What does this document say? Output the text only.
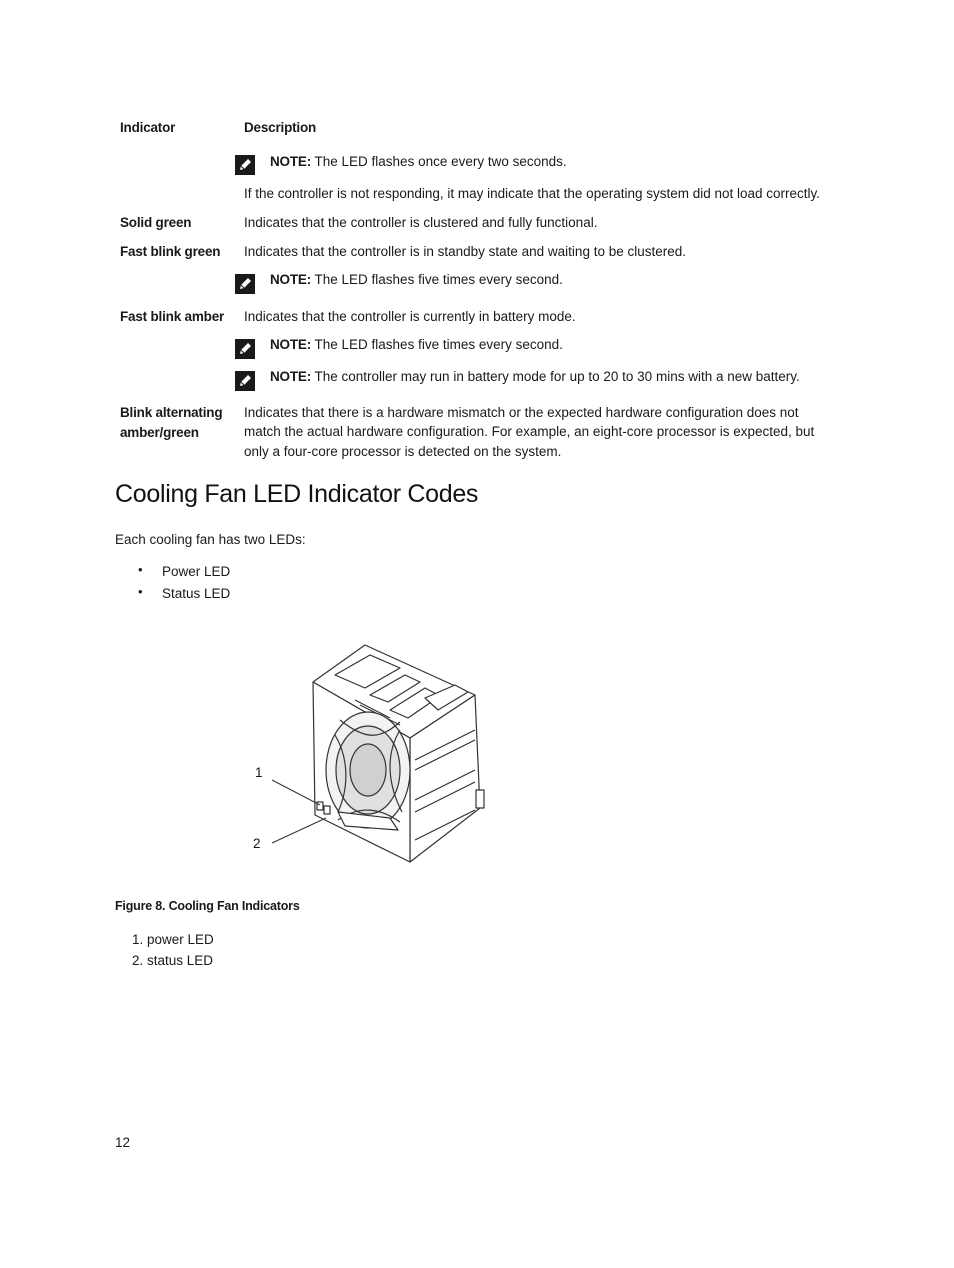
Indicator	Description
NOTE: The LED flashes once every two seconds.
If the controller is not responding, it may indicate that the operating system did not load correctly.
Solid green	Indicates that the controller is clustered and fully functional.
Fast blink green Indicates that the controller is in standby state and waiting to be clustered.
NOTE: The LED flashes five times every second.
Fast blink amber Indicates that the controller is currently in battery mode.
NOTE: The LED flashes five times every second.
NOTE: The controller may run in battery mode for up to 20 to 30 mins with a new battery.
Blink alternating
amber/green
Indicates that there is a hardware mismatch or the expected hardware configuration does not
match the actual hardware configuration. For example, an eight-core processor is expected, but
only a four-core processor is detected on the system.
Cooling Fan LED Indicator Codes
Each cooling fan has two LEDs:
• Power LED
• Status LED
1
2
Figure 8. Cooling Fan Indicators
1. power LED
2. status LED
12
